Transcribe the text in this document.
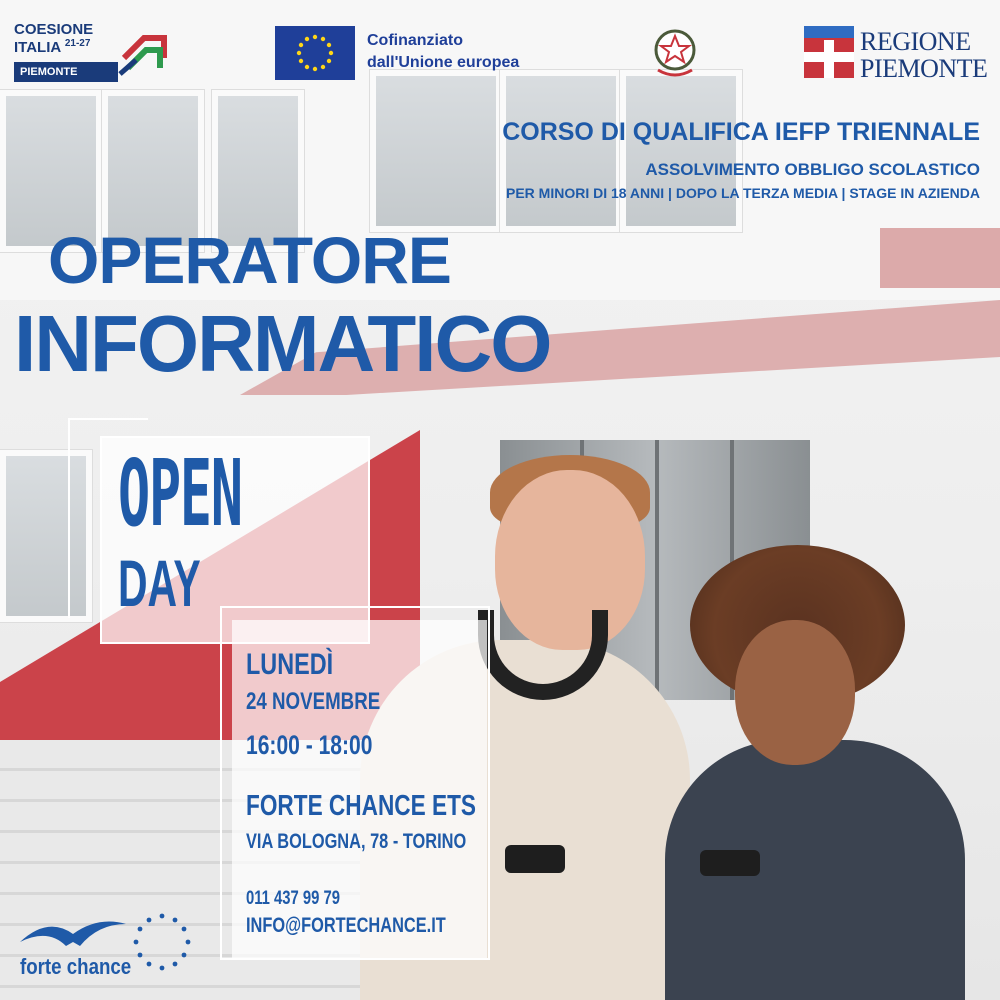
COESIONE
ITALIA $^{21-27}$
PIEMONTE
Cofinanziato
dall'Unione europea
REGIONE
PIEMONTE
CORSO DI QUALIFICA IEFP TRIENNALE
ASSOLVIMENTO OBBLIGO SCOLASTICO
PER MINORI DI 18 ANNI | DOPO LA TERZA MEDIA | STAGE IN AZIENDA
OPERATORE
INFORMATICO
OPEN
DAY
LUNEDÌ
24 NOVEMBRE
16:00 - 18:00
FORTE CHANCE ETS
VIA BOLOGNA, 78 - TORINO
011 437 99 79
INFO@FORTECHANCE.IT
forte chance
